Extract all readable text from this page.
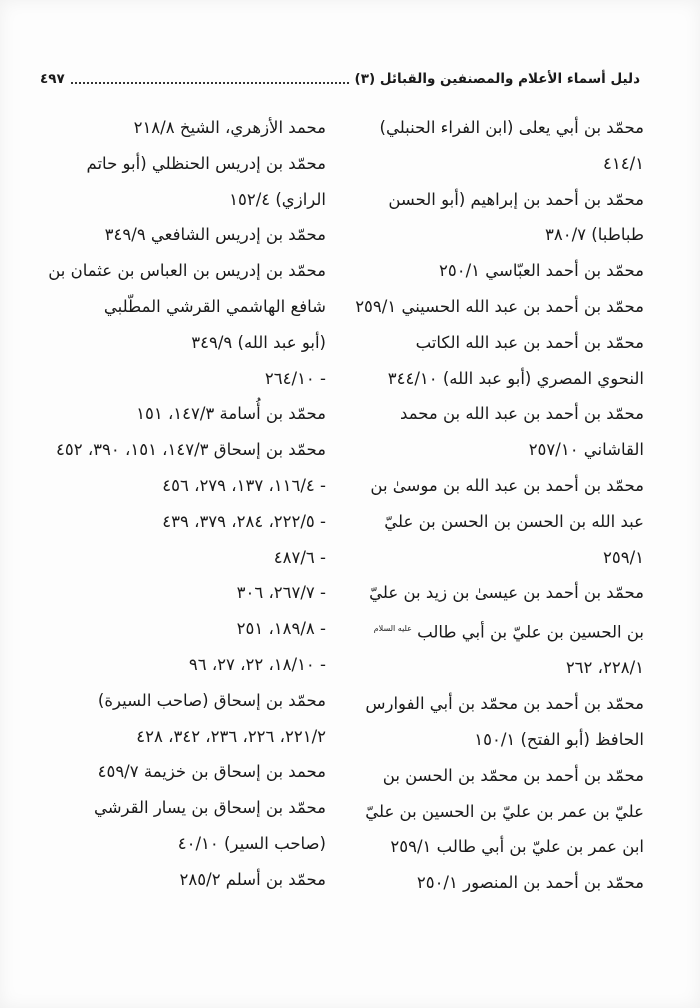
دليل أسماء الأعلام والمصنفين والقبائل (٣)
٤٩٧
محمّد بن أبي يعلى (ابن الفراء الحنبلي)
٤١٤/١
محمّد بن أحمد بن إبراهيم (أبو الحسن
طباطبا) ٣٨٠/٧
محمّد بن أحمد العبّاسي ٢٥٠/١
محمّد بن أحمد بن عبد الله الحسيني ٢٥٩/١
محمّد بن أحمد بن عبد الله الكاتب
النحوي المصري (أبو عبد الله) ٣٤٤/١٠
محمّد بن أحمد بن عبد الله بن محمد
القاشاني ٢٥٧/١٠
محمّد بن أحمد بن عبد الله بن موسىٰ بن
عبد الله بن الحسن بن الحسن بن عليّ
٢٥٩/١
محمّد بن أحمد بن عيسىٰ بن زيد بن عليّ
بن الحسين بن عليّ بن أبي طالب $^{عليه السلام}$
٢٢٨/١، ٢٦٢
محمّد بن أحمد بن محمّد بن أبي الفوارس
الحافظ (أبو الفتح) ١٥٠/١
محمّد بن أحمد بن محمّد بن الحسن بن
عليّ بن عمر بن عليّ بن الحسين بن عليّ
ابن عمر بن عليّ بن أبي طالب ٢٥٩/١
محمّد بن أحمد بن المنصور ٢٥٠/١
محمد الأزهري، الشيخ ٢١٨/٨
محمّد بن إدريس الحنظلي (أبو حاتم
الرازي) ١٥٢/٤
محمّد بن إدريس الشافعي ٣٤٩/٩
محمّد بن إدريس بن العباس بن عثمان بن
شافع الهاشمي القرشي المطّلبي
(أبو عبد الله) ٣٤٩/٩
- ٢٦٤/١٠
محمّد بن أُسامة ١٤٧/٣، ١٥١
محمّد بن إسحاق ١٤٧/٣، ١٥١، ٣٩٠، ٤٥٢
- ١١٦/٤، ١٣٧، ٢٧٩، ٤٥٦
- ٢٢٢/٥، ٢٨٤، ٣٧٩، ٤٣٩
- ٤٨٧/٦
- ٢٦٧/٧، ٣٠٦
- ١٨٩/٨، ٢٥١
- ١٨/١٠، ٢٢، ٢٧، ٩٦
محمّد بن إسحاق (صاحب السيرة)
٢٢١/٢، ٢٢٦، ٢٣٦، ٣٤٢، ٤٢٨
محمد بن إسحاق بن خزيمة ٤٥٩/٧
محمّد بن إسحاق بن يسار القرشي
(صاحب السير) ٤٠/١٠
محمّد بن أسلم ٢٨٥/٢
